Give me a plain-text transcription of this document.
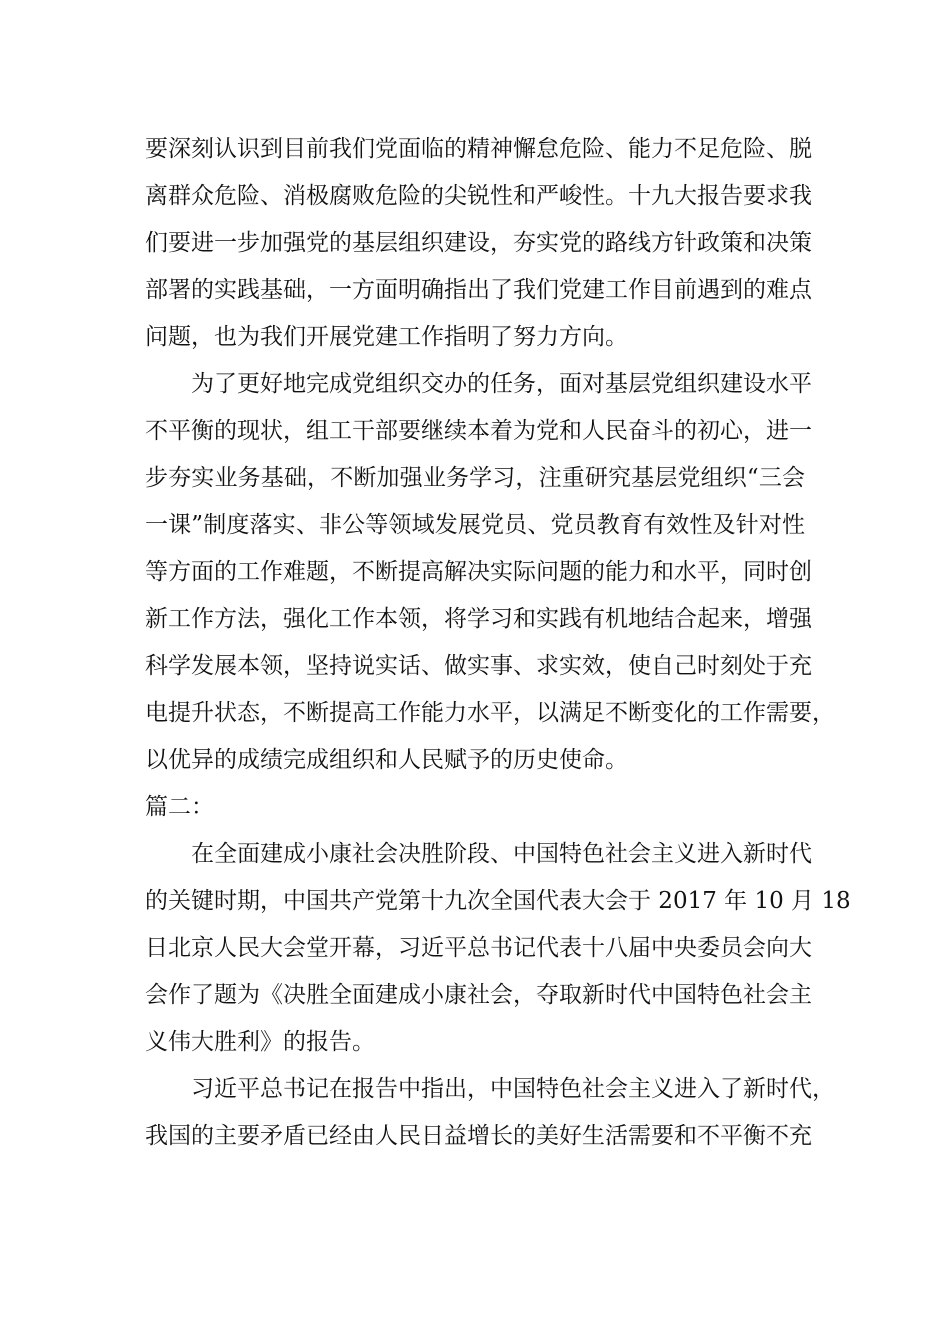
要深刻认识到目前我们党面临的精神懈怠危险、能力不足危险、脱
离群众危险、消极腐败危险的尖锐性和严峻性。十九大报告要求我
们要进一步加强党的基层组织建设，夯实党的路线方针政策和决策
部署的实践基础，一方面明确指出了我们党建工作目前遇到的难点
问题，也为我们开展党建工作指明了努力方向。
为了更好地完成党组织交办的任务，面对基层党组织建设水平
不平衡的现状，组工干部要继续本着为党和人民奋斗的初心，进一
步夯实业务基础，不断加强业务学习，注重研究基层党组织“三会
一课”制度落实、非公等领域发展党员、党员教育有效性及针对性
等方面的工作难题，不断提高解决实际问题的能力和水平，同时创
新工作方法，强化工作本领，将学习和实践有机地结合起来，增强
科学发展本领，坚持说实话、做实事、求实效，使自己时刻处于充
电提升状态，不断提高工作能力水平，以满足不断变化的工作需要，
以优异的成绩完成组织和人民赋予的历史使命。
篇二：
在全面建成小康社会决胜阶段、中国特色社会主义进入新时代
的关键时期，中国共产党第十九次全国代表大会于 2017 年 10 月 18
日北京人民大会堂开幕，习近平总书记代表十八届中央委员会向大
会作了题为《决胜全面建成小康社会，夺取新时代中国特色社会主
义伟大胜利》的报告。
习近平总书记在报告中指出，中国特色社会主义进入了新时代，
我国的主要矛盾已经由人民日益增长的美好生活需要和不平衡不充
